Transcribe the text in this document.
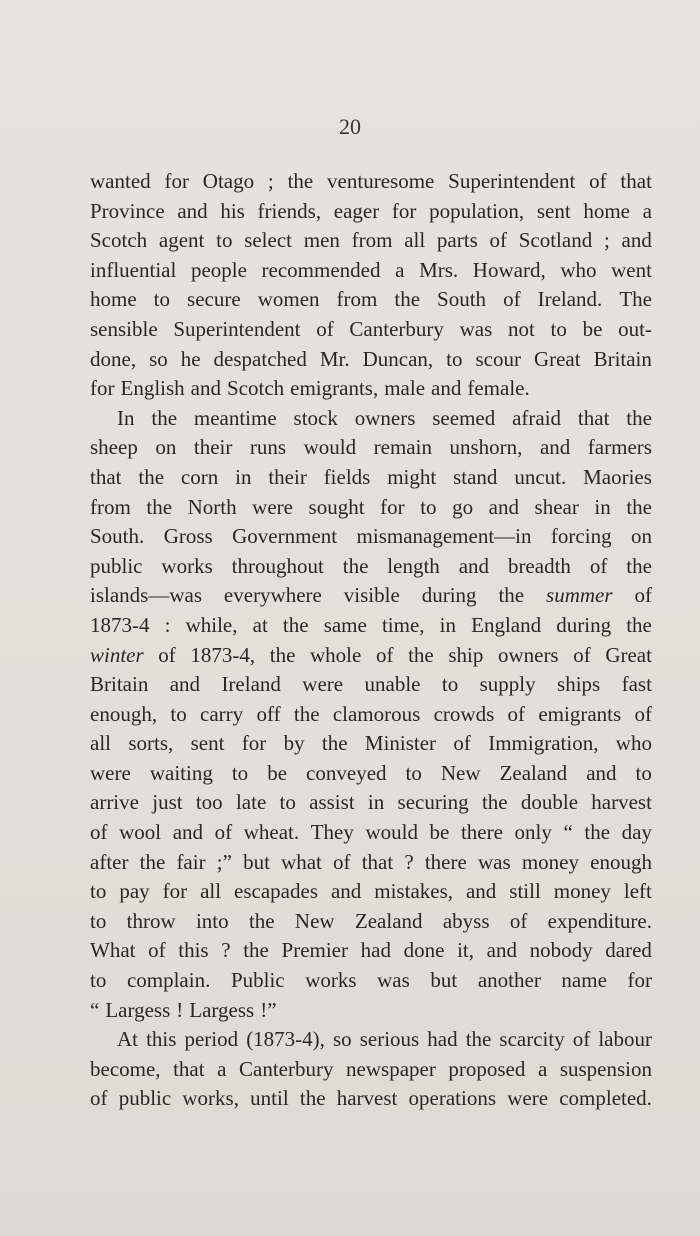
20
wanted for Otago ; the venturesome Superintendent of that
Province and his friends, eager for population, sent home a
Scotch agent to select men from all parts of Scotland ; and
influential people recommended a Mrs. Howard, who went
home to secure women from the South of Ireland. The
sensible Superintendent of Canterbury was not to be out-
done, so he despatched Mr. Duncan, to scour Great Britain
for English and Scotch emigrants, male and female.
In the meantime stock owners seemed afraid that the
sheep on their runs would remain unshorn, and farmers
that the corn in their fields might stand uncut. Maories
from the North were sought for to go and shear in the
South. Gross Government mismanagement—in forcing on
public works throughout the length and breadth of the
islands—was everywhere visible during the summer of
1873-4 : while, at the same time, in England during the
winter of 1873-4, the whole of the ship owners of Great
Britain and Ireland were unable to supply ships fast
enough, to carry off the clamorous crowds of emigrants of
all sorts, sent for by the Minister of Immigration, who
were waiting to be conveyed to New Zealand and to
arrive just too late to assist in securing the double harvest
of wool and of wheat. They would be there only “ the day
after the fair ;” but what of that ? there was money enough
to pay for all escapades and mistakes, and still money left
to throw into the New Zealand abyss of expenditure.
What of this ? the Premier had done it, and nobody dared
to complain. Public works was but another name for
“ Largess ! Largess !”
At this period (1873-4), so serious had the scarcity of labour
become, that a Canterbury newspaper proposed a suspension
of public works, until the harvest operations were completed.
